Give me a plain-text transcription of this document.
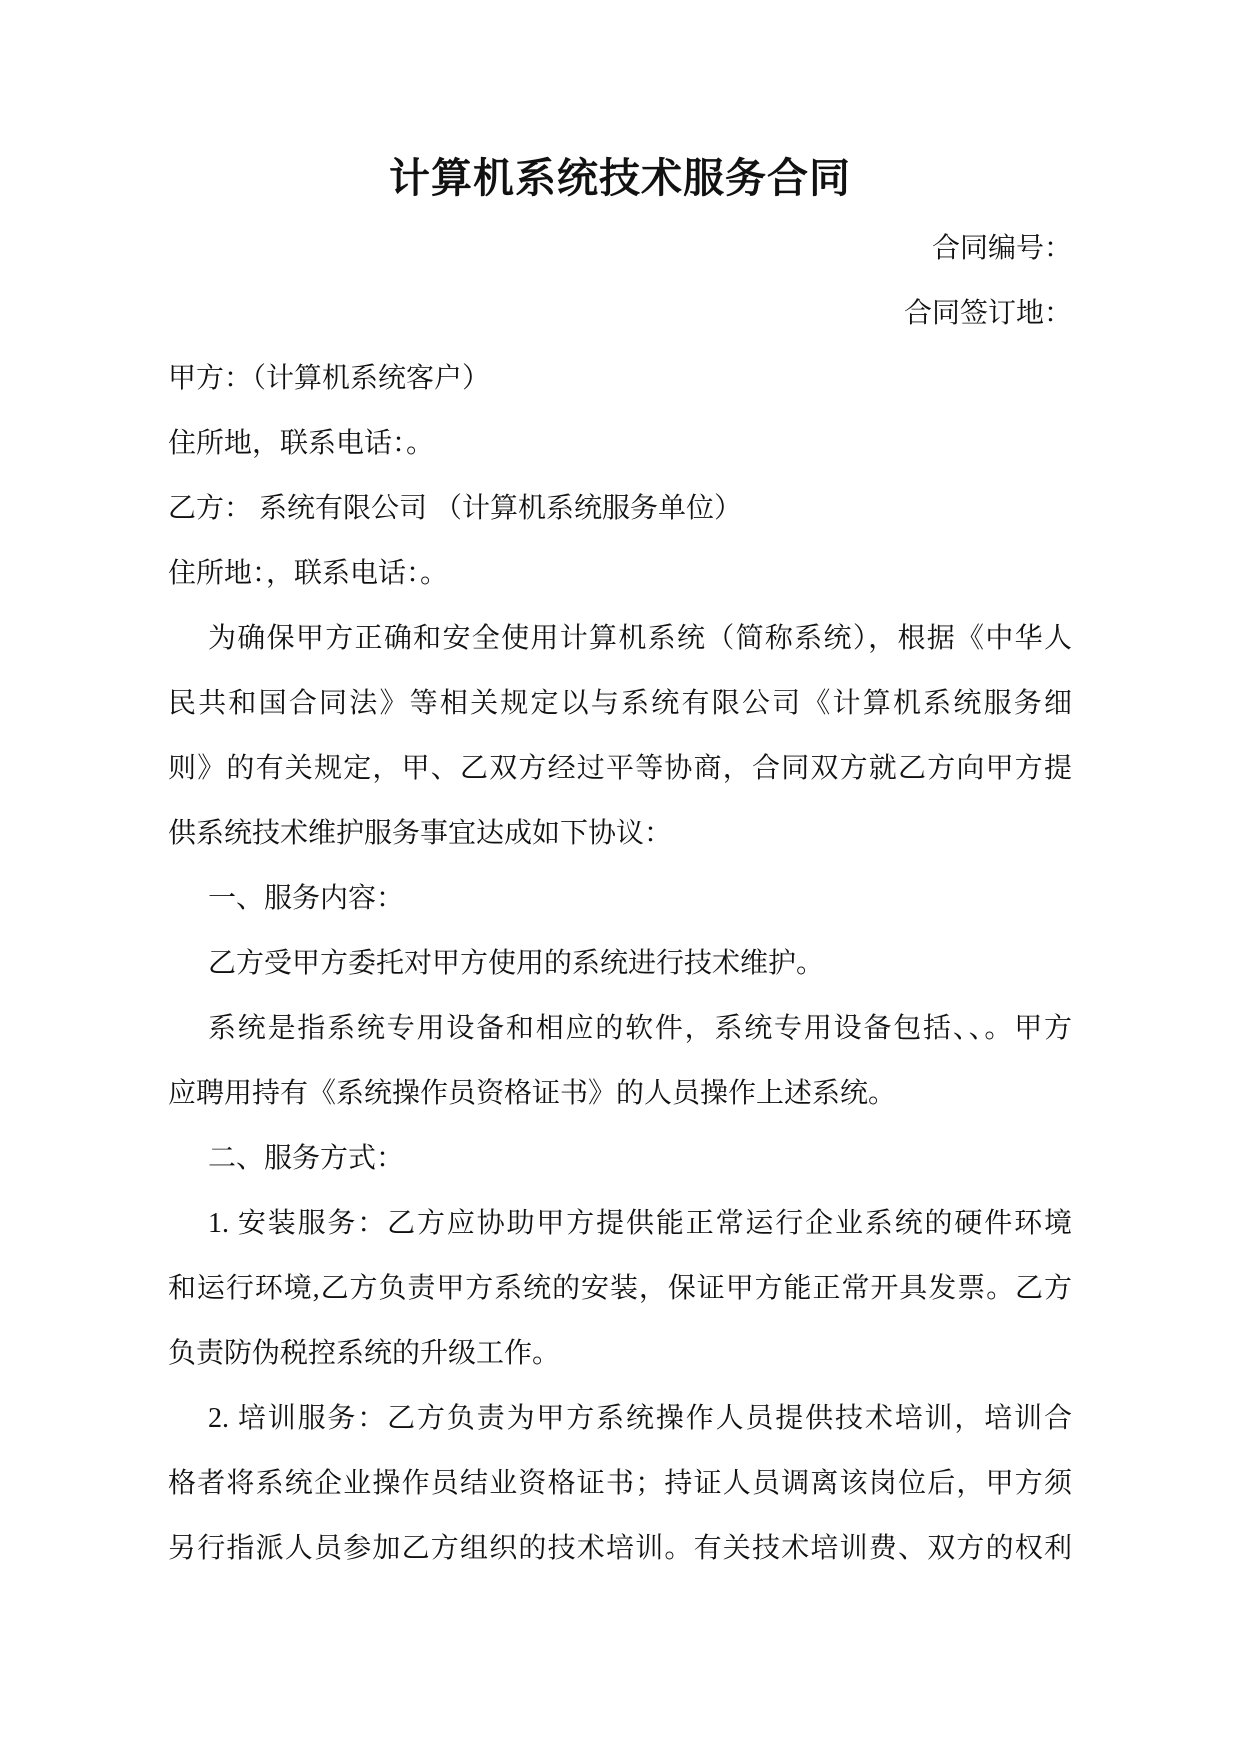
计算机系统技术服务合同
合同编号：
合同签订地：
甲方：（计算机系统客户）
住所地，联系电话：。
乙方： 系统有限公司 （计算机系统服务单位）
住所地：，联系电话：。
为确保甲方正确和安全使用计算机系统（简称系统），根据《中华人
民共和国合同法》等相关规定以与系统有限公司《计算机系统服务细
则》的有关规定，甲、乙双方经过平等协商，合同双方就乙方向甲方提
供系统技术维护服务事宜达成如下协议：
一、服务内容：
乙方受甲方委托对甲方使用的系统进行技术维护。
系统是指系统专用设备和相应的软件，系统专用设备包括、、。甲方
应聘用持有《系统操作员资格证书》的人员操作上述系统。
二、服务方式：
1. 安装服务：乙方应协助甲方提供能正常运行企业系统的硬件环境
和运行环境,乙方负责甲方系统的安装，保证甲方能正常开具发票。乙方
负责防伪税控系统的升级工作。
2. 培训服务：乙方负责为甲方系统操作人员提供技术培训，培训合
格者将系统企业操作员结业资格证书；持证人员调离该岗位后，甲方须
另行指派人员参加乙方组织的技术培训。有关技术培训费、双方的权利
